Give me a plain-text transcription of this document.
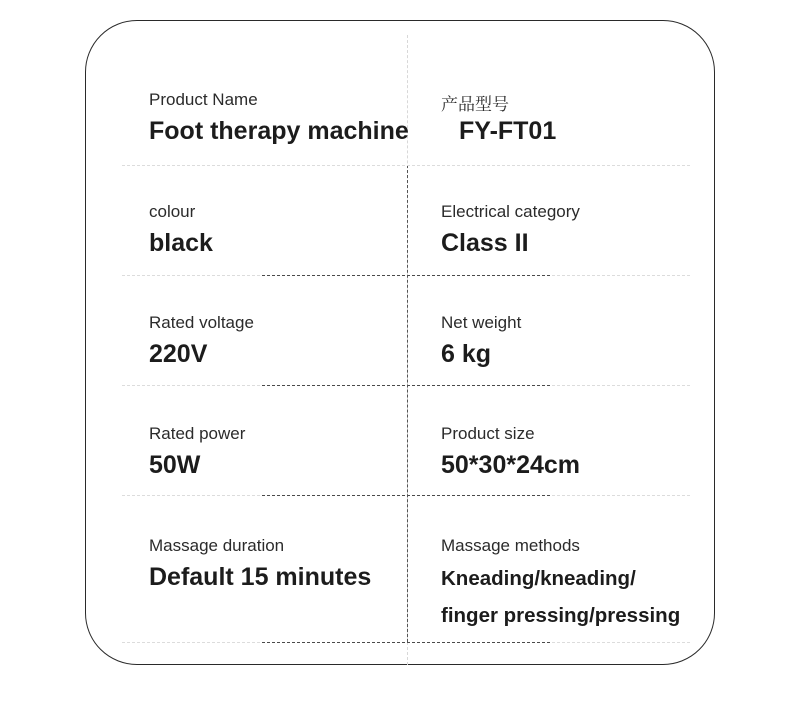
Product Name
Foot therapy machine
产品型号
FY-FT01
colour
black
Electrical category
Class II
Rated voltage
220V
Net weight
6 kg
Rated power
50W
Product size
50*30*24cm
Massage duration
Default 15 minutes
Massage methods
Kneading/kneading/
finger pressing/pressing
